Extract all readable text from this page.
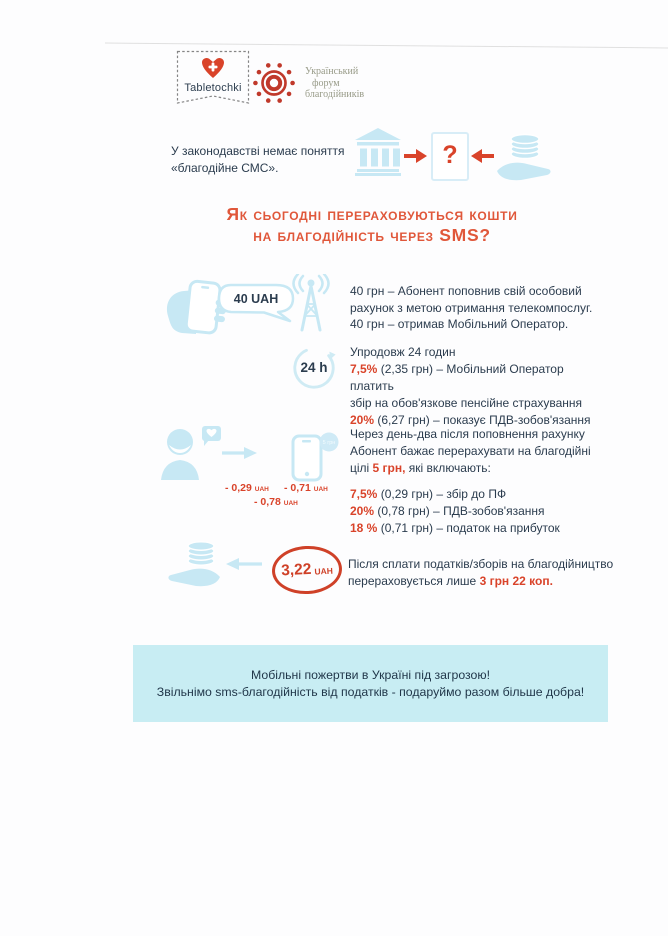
Tabletochki
Український
форум
благодійників
У законодавстві немає поняття
«благодійне СМС».	?
Як сьогодні перераховуються кошти
на благодійність через SMS?
40 UAH
40 грн – Абонент поповнив свій особовий
рахунок з метою отримання телекомпослуг.
40 грн – отримав Мобільний Оператор.
24 h
Упродовж 24 годин
7,5% (2,35 грн) – Мобільний Оператор платить
збір на обов'язкове пенсійне страхування
20% (6,27 грн) – показує ПДВ-зобов'язання
5 грн
- 0,29 UAH - 0,71 UAH
- 0,78 UAH

Через день-два після поповнення рахунку

Абонент бажає перерахувати на благодійні

цілі 5 грн, які включають:

7,5% (0,29 грн) – збір до ПФ

20% (0,78 грн) – ПДВ-зобов'язання

18 % (0,71 грн) – податок на прибуток

3,22 UAH
Після сплати податків/зборів на благодійництво
перераховується лише 3 грн 22 коп.
Мобільні пожертви в Україні під загрозою!
Звільнімо sms-благодійність від податків - подаруймо разом більше добра!
